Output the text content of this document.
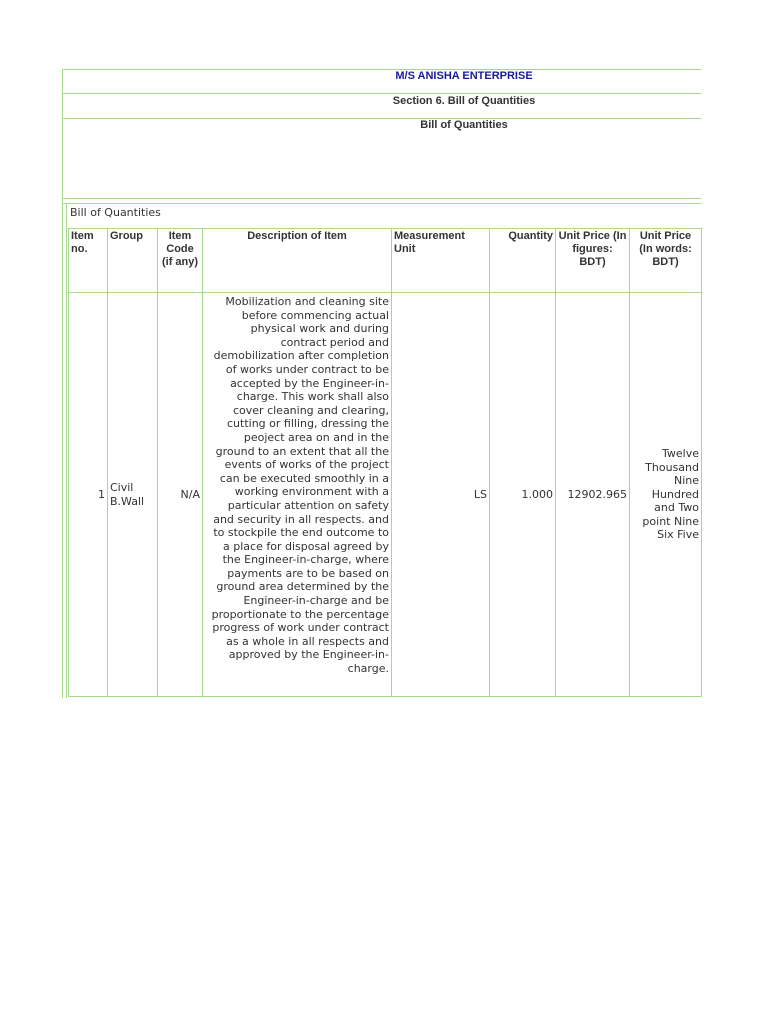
M/S ANISHA ENTERPRISE
Section 6. Bill of Quantities
Bill of Quantities
Bill of Quantities
Item no.	Group	Item Code (if any)	Description of Item	Measurement Unit	Quantity	Unit Price (In figures: BDT)	Unit Price (In words: BDT)
1	Civil B.Wall	N/A	Mobilization and cleaning site before commencing actual physical work and during contract period and demobilization after completion of works under contract to be accepted by the Engineer-in-charge. This work shall also cover cleaning and clearing, cutting or filling, dressing the peoject area on and in the ground to an extent that all the events of works of the project can be executed smoothly in a working environment with a particular attention on safety and security in all respects. and to stockpile the end outcome to a place for disposal agreed by the Engineer-in-charge, where payments are to be based on ground area determined by the Engineer-in-charge and be proportionate to the percentage progress of work under contract as a whole in all respects and approved by the Engineer-in-charge.	LS	1.000	12902.965	Twelve Thousand Nine Hundred and Two point Nine Six Five
